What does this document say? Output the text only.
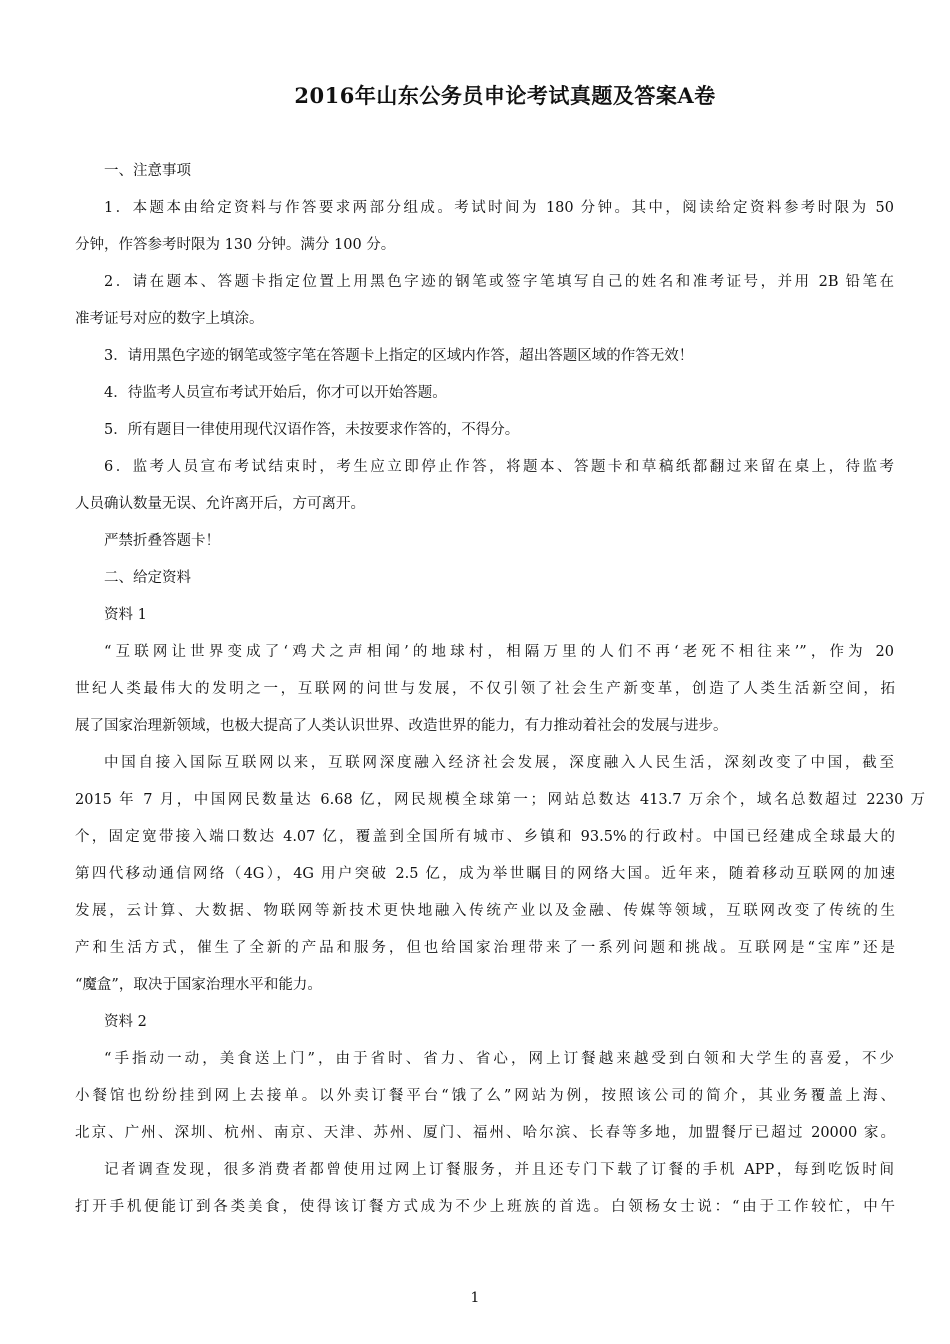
2016年山东公务员申论考试真题及答案A卷
一、注意事项
1．本题本由给定资料与作答要求两部分组成。考试时间为 180 分钟。其中，阅读给定资料参考时限为 50
分钟，作答参考时限为 130 分钟。满分 100 分。
2．请在题本、答题卡指定位置上用黑色字迹的钢笔或签字笔填写自己的姓名和准考证号，并用 2B 铅笔在
准考证号对应的数字上填涂。
3．请用黑色字迹的钢笔或签字笔在答题卡上指定的区域内作答，超出答题区域的作答无效！
4．待监考人员宣布考试开始后，你才可以开始答题。
5．所有题目一律使用现代汉语作答，未按要求作答的，不得分。
6．监考人员宣布考试结束时，考生应立即停止作答，将题本、答题卡和草稿纸都翻过来留在桌上，待监考
人员确认数量无误、允许离开后，方可离开。
严禁折叠答题卡！
二、给定资料
资料 1
“互联网让世界变成了‘鸡犬之声相闻’的地球村，相隔万里的人们不再‘老死不相往来’”，作为 20
世纪人类最伟大的发明之一，互联网的问世与发展，不仅引领了社会生产新变革，创造了人类生活新空间，拓
展了国家治理新领域，也极大提高了人类认识世界、改造世界的能力，有力推动着社会的发展与进步。
中国自接入国际互联网以来，互联网深度融入经济社会发展，深度融入人民生活，深刻改变了中国，截至
2015 年 7 月，中国网民数量达 6.68 亿，网民规模全球第一；网站总数达 413.7 万余个，域名总数超过 2230 万
个，固定宽带接入端口数达 4.07 亿，覆盖到全国所有城市、乡镇和 93.5%的行政村。中国已经建成全球最大的
第四代移动通信网络（4G），4G 用户突破 2.5 亿，成为举世瞩目的网络大国。近年来，随着移动互联网的加速
发展，云计算、大数据、物联网等新技术更快地融入传统产业以及金融、传媒等领域，互联网改变了传统的生
产和生活方式，催生了全新的产品和服务，但也给国家治理带来了一系列问题和挑战。互联网是“宝库”还是
“魔盒”，取决于国家治理水平和能力。
资料 2
“手指动一动，美食送上门”，由于省时、省力、省心，网上订餐越来越受到白领和大学生的喜爱，不少
小餐馆也纷纷挂到网上去接单。以外卖订餐平台“饿了么”网站为例，按照该公司的简介，其业务覆盖上海、
北京、广州、深圳、杭州、南京、天津、苏州、厦门、福州、哈尔滨、长春等多地，加盟餐厅已超过 20000 家。
记者调查发现，很多消费者都曾使用过网上订餐服务，并且还专门下载了订餐的手机 APP，每到吃饭时间
打开手机便能订到各类美食，使得该订餐方式成为不少上班族的首选。白领杨女士说：“由于工作较忙，中午
1
